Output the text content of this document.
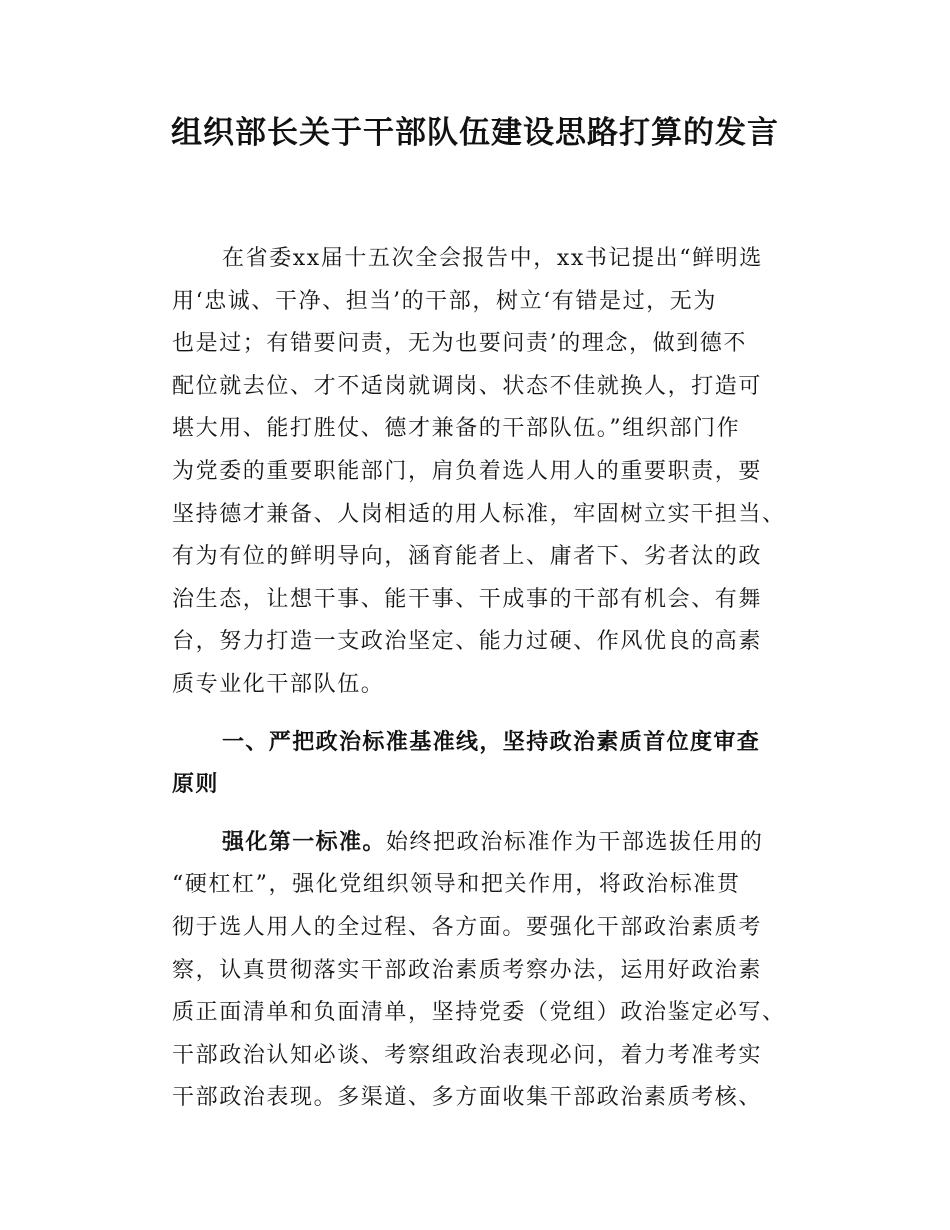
组织部长关于干部队伍建设思路打算的发言
在省委xx届十五次全会报告中，xx书记提出“鲜明选
用‘忠诚、干净、担当’的干部，树立‘有错是过，无为
也是过；有错要问责，无为也要问责’的理念，做到德不
配位就去位、才不适岗就调岗、状态不佳就换人，打造可
堪大用、能打胜仗、德才兼备的干部队伍。”组织部门作
为党委的重要职能部门，肩负着选人用人的重要职责，要
坚持德才兼备、人岗相适的用人标准，牢固树立实干担当、
有为有位的鲜明导向，涵育能者上、庸者下、劣者汰的政
治生态，让想干事、能干事、干成事的干部有机会、有舞
台，努力打造一支政治坚定、能力过硬、作风优良的高素
质专业化干部队伍。
一、严把政治标准基准线，坚持政治素质首位度审查
原则
强化第一标准。始终把政治标准作为干部选拔任用的
“硬杠杠”，强化党组织领导和把关作用，将政治标准贯
彻于选人用人的全过程、各方面。要强化干部政治素质考
察，认真贯彻落实干部政治素质考察办法，运用好政治素
质正面清单和负面清单，坚持党委（党组）政治鉴定必写、
干部政治认知必谈、考察组政治表现必问，着力考准考实
干部政治表现。多渠道、多方面收集干部政治素质考核、
